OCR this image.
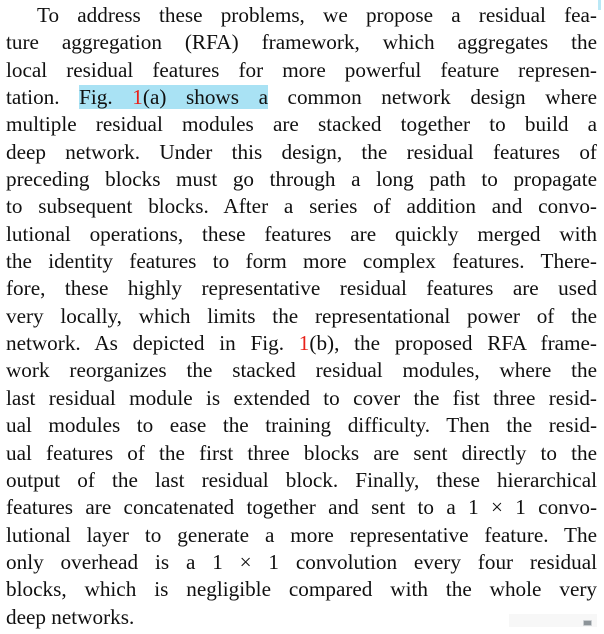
To address these problems, we propose a residual fea-
ture aggregation (RFA) framework, which aggregates the
local residual features for more powerful feature represen-
tation. Fig. 1(a) shows a common network design where
multiple residual modules are stacked together to build a
deep network. Under this design, the residual features of
preceding blocks must go through a long path to propagate
to subsequent blocks. After a series of addition and convo-
lutional operations, these features are quickly merged with
the identity features to form more complex features. There-
fore, these highly representative residual features are used
very locally, which limits the representational power of the
network. As depicted in Fig. 1(b), the proposed RFA frame-
work reorganizes the stacked residual modules, where the
last residual module is extended to cover the fist three resid-
ual modules to ease the training difficulty. Then the resid-
ual features of the first three blocks are sent directly to the
output of the last residual block. Finally, these hierarchical
features are concatenated together and sent to a 1 × 1 convo-
lutional layer to generate a more representative feature. The
only overhead is a 1 × 1 convolution every four residual
blocks, which is negligible compared with the whole very
deep networks.
